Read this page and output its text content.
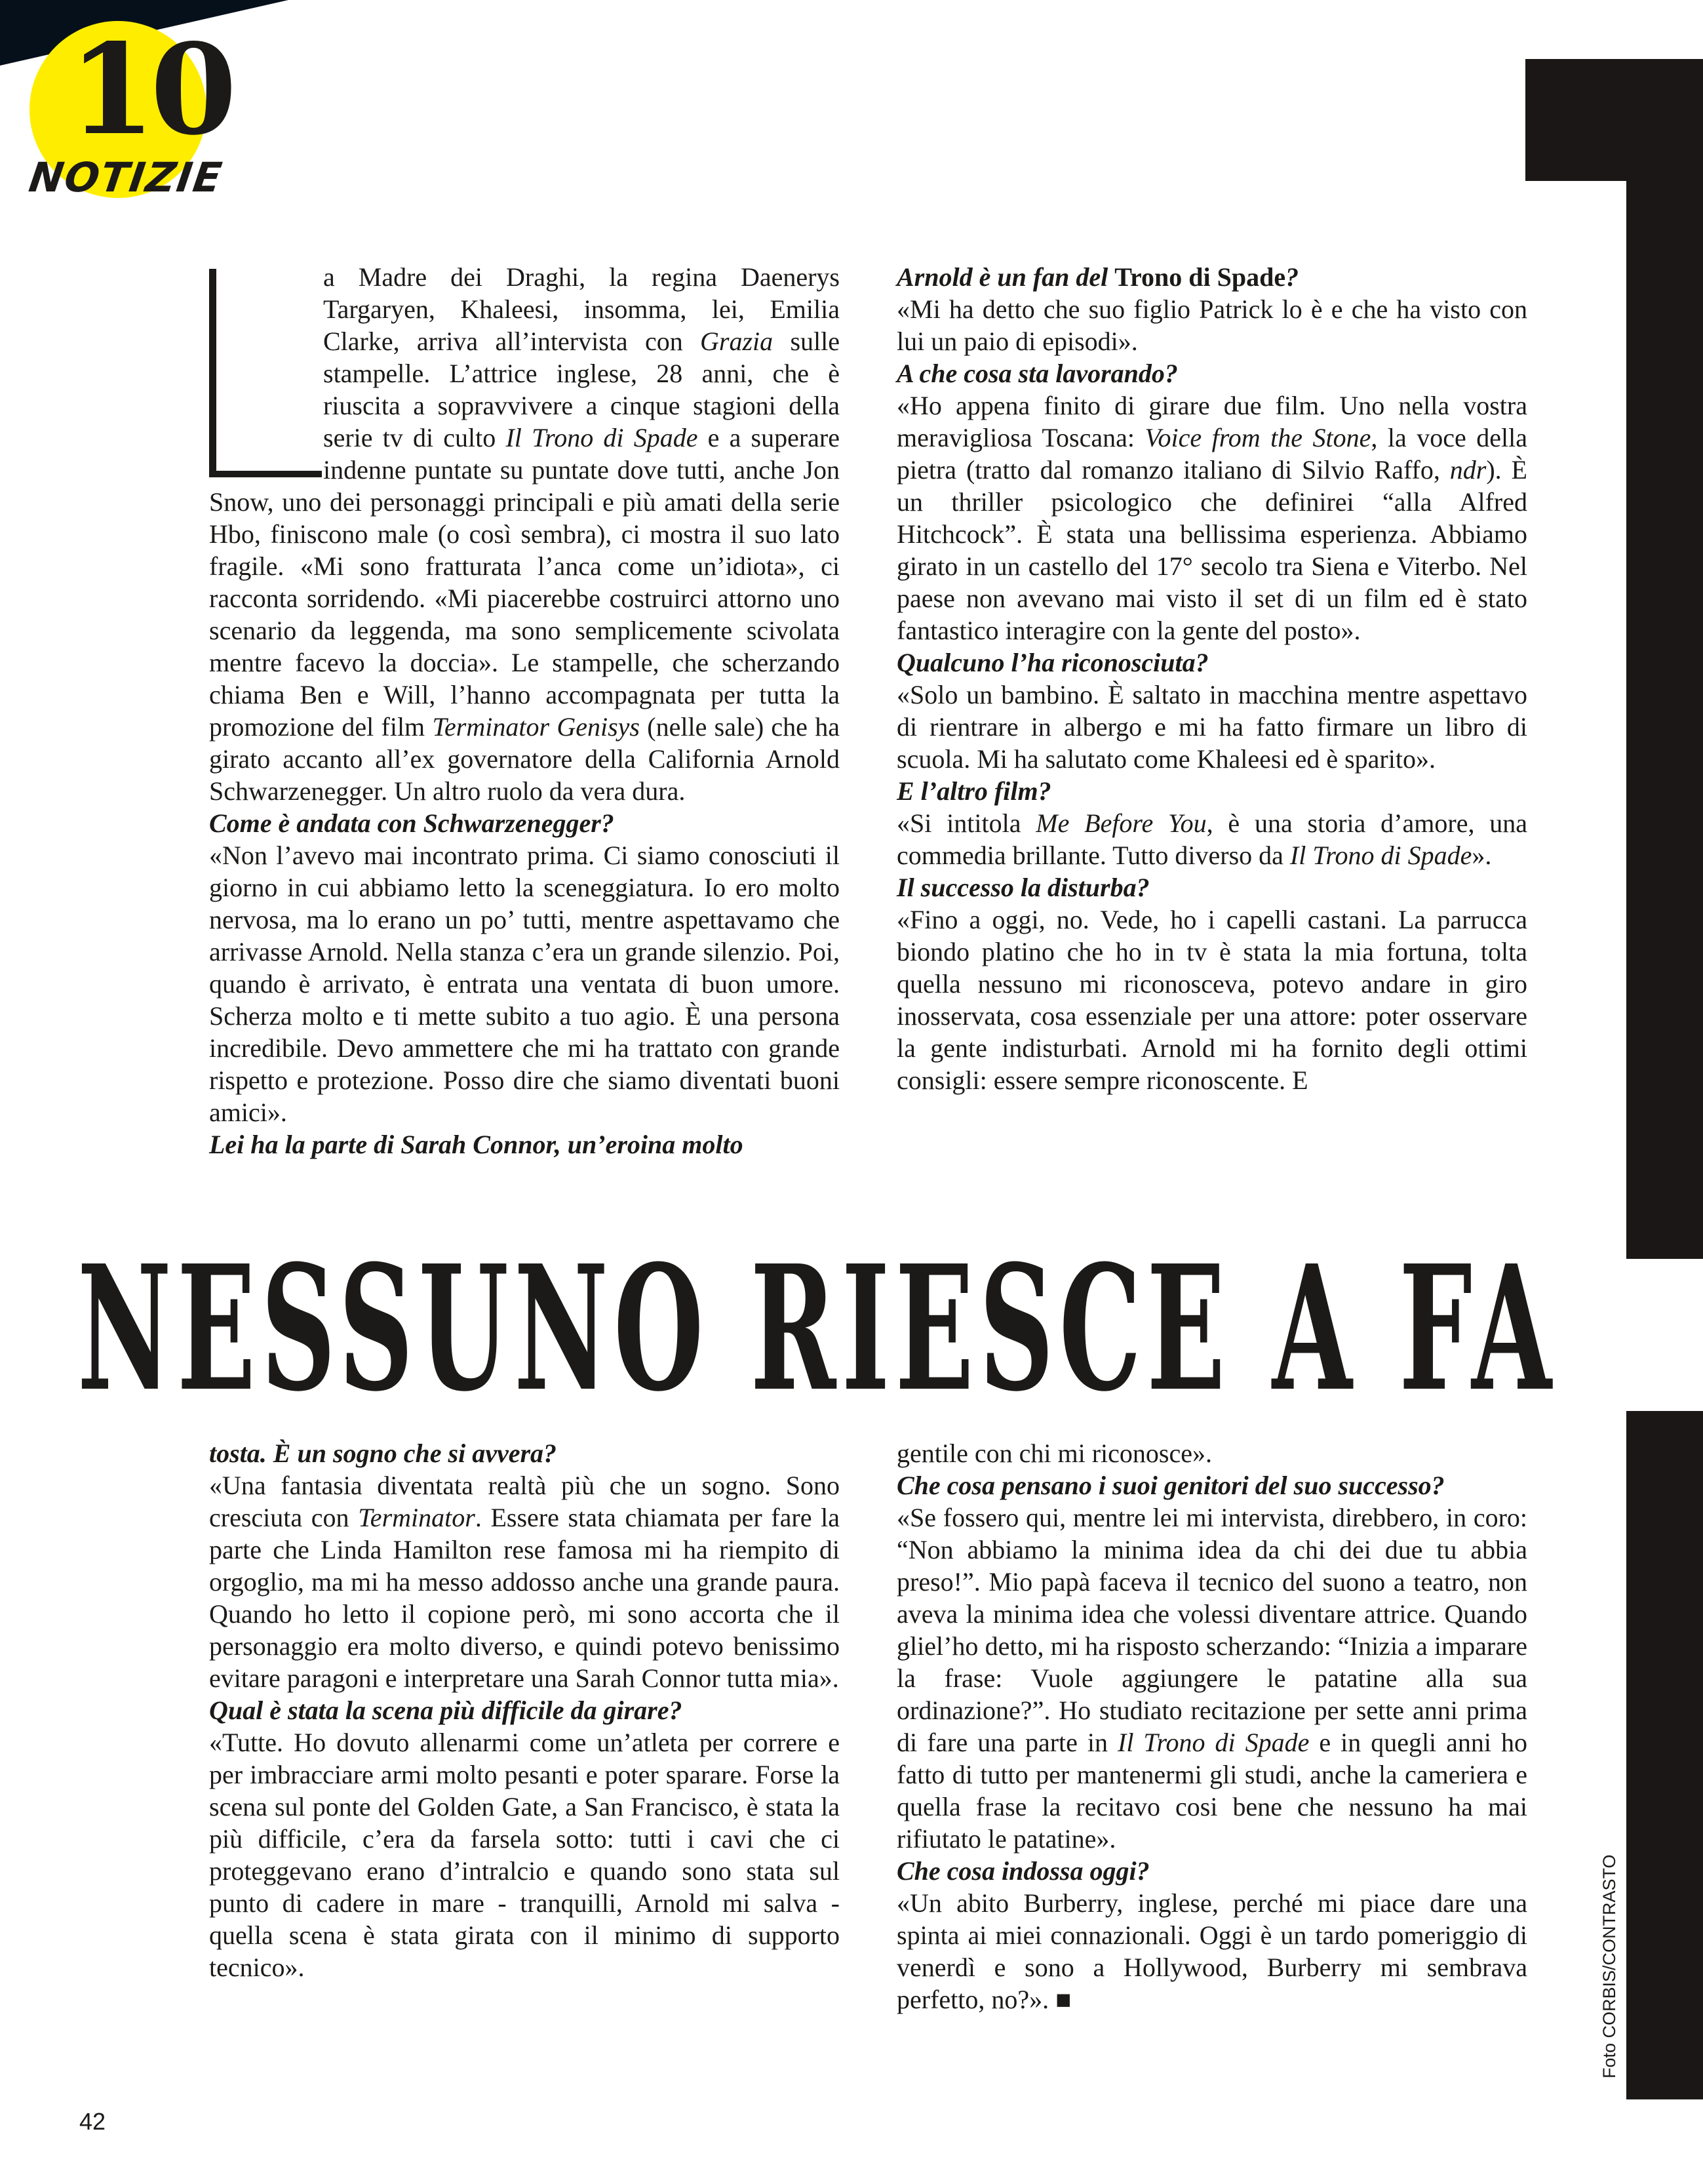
10
NOTIZIE

a Madre dei Draghi, la regina Daenerys Targaryen, Khaleesi, insomma, lei, Emilia Clarke, arriva all’intervista con Grazia sulle stampelle. L’attrice inglese, 28 anni, che è riuscita a sopravvivere a cinque stagioni della serie tv di culto Il Trono di Spade e a superare indenne puntate su puntate dove tutti, anche Jon Snow, uno dei personaggi principali e più amati della serie Hbo, finiscono male (o così sembra), ci mostra il suo lato fragile. «Mi sono fratturata l’anca come un’idiota», ci racconta sorridendo. «Mi piacerebbe costruirci attorno uno scenario da leggenda, ma sono semplicemente scivolata mentre facevo la doccia». Le stampelle, che scherzando chiama Ben e Will, l’hanno accompagnata per tutta la promozione del film Terminator Genisys (nelle sale) che ha girato accanto all’ex governatore della California Arnold Schwarzenegger. Un altro ruolo da vera dura.

Come è andata con Schwarzenegger?

«Non l’avevo mai incontrato prima. Ci siamo conosciuti il giorno in cui abbiamo letto la sceneggiatura. Io ero molto nervosa, ma lo erano un po’ tutti, mentre aspettavamo che arrivasse Arnold. Nella stanza c’era un grande silenzio. Poi, quando è arrivato, è entrata una ventata di buon umore. Scherza molto e ti mette subito a tuo agio. È una persona incredibile. Devo ammettere che mi ha trattato con grande rispetto e protezione. Posso dire che siamo diventati buoni amici».

Lei ha la parte di Sarah Connor, un’eroina molto

Arnold è un fan del Trono di Spade?

«Mi ha detto che suo figlio Patrick lo è e che ha visto con lui un paio di episodi».

A che cosa sta lavorando?

«Ho appena finito di girare due film. Uno nella vostra meravigliosa Toscana: Voice from the Stone, la voce della pietra (tratto dal romanzo italiano di Silvio Raffo, ndr). È un thriller psicologico che definirei “alla Alfred Hitchcock”. È stata una bellissima esperienza. Abbiamo girato in un castello del 17° secolo tra Siena e Viterbo. Nel paese non avevano mai visto il set di un film ed è stato fantastico interagire con la gente del posto».

Qualcuno l’ha riconosciuta?

«Solo un bambino. È saltato in macchina mentre aspettavo di rientrare in albergo e mi ha fatto firmare un libro di scuola. Mi ha salutato come Khaleesi ed è sparito».

E l’altro film?

«Si intitola Me Before You, è una storia d’amore, una commedia brillante. Tutto diverso da Il Trono di Spade».

Il successo la disturba?

«Fino a oggi, no. Vede, ho i capelli castani. La parrucca biondo platino che ho in tv è stata la mia fortuna, tolta quella nessuno mi riconosceva, potevo andare in giro inosservata, cosa essenziale per una attore: poter osservare la gente indisturbati. Arnold mi ha fornito degli ottimi consigli: essere sempre riconoscente. E

tosta. È un sogno che si avvera?

«Una fantasia diventata realtà più che un sogno. Sono cresciuta con Terminator. Essere stata chiamata per fare la parte che Linda Hamilton rese famosa mi ha riempito di orgoglio, ma mi ha messo addosso anche una grande paura. Quando ho letto il copione però, mi sono accorta che il personaggio era molto diverso, e quindi potevo benissimo evitare paragoni e interpretare una Sarah Connor tutta mia».

Qual è stata la scena più difficile da girare?

«Tutte. Ho dovuto allenarmi come un’atleta per correre e per imbracciare armi molto pesanti e poter sparare. Forse la scena sul ponte del Golden Gate, a San Francisco, è stata la più difficile, c’era da farsela sotto: tutti i cavi che ci proteggevano erano d’intralcio e quando sono stata sul punto di cadere in mare - tranquilli, Arnold mi salva - quella scena è stata girata con il minimo di supporto tecnico».

gentile con chi mi riconosce».

Che cosa pensano i suoi genitori del suo successo?

«Se fossero qui, mentre lei mi intervista, direbbero, in coro: “Non abbiamo la minima idea da chi dei due tu abbia preso!”. Mio papà faceva il tecnico del suono a teatro, non aveva la minima idea che volessi diventare attrice. Quando gliel’ho detto, mi ha risposto scherzando: “Inizia a imparare la frase: Vuole aggiungere le patatine alla sua ordinazione?”. Ho studiato recitazione per sette anni prima di fare una parte in Il Trono di Spade e in quegli anni ho fatto di tutto per mantenermi gli studi, anche la cameriera e quella frase la recitavo cosi bene che nessuno ha mai rifiutato le patatine».

Che cosa indossa oggi?

«Un abito Burberry, inglese, perché mi piace dare una spinta ai miei connazionali. Oggi è un tardo pomeriggio di venerdì e sono a Hollywood, Burberry mi sembrava perfetto, no?». ■

NESSUNO RIESCE A FA
42
Foto CORBIS/CONTRASTO
